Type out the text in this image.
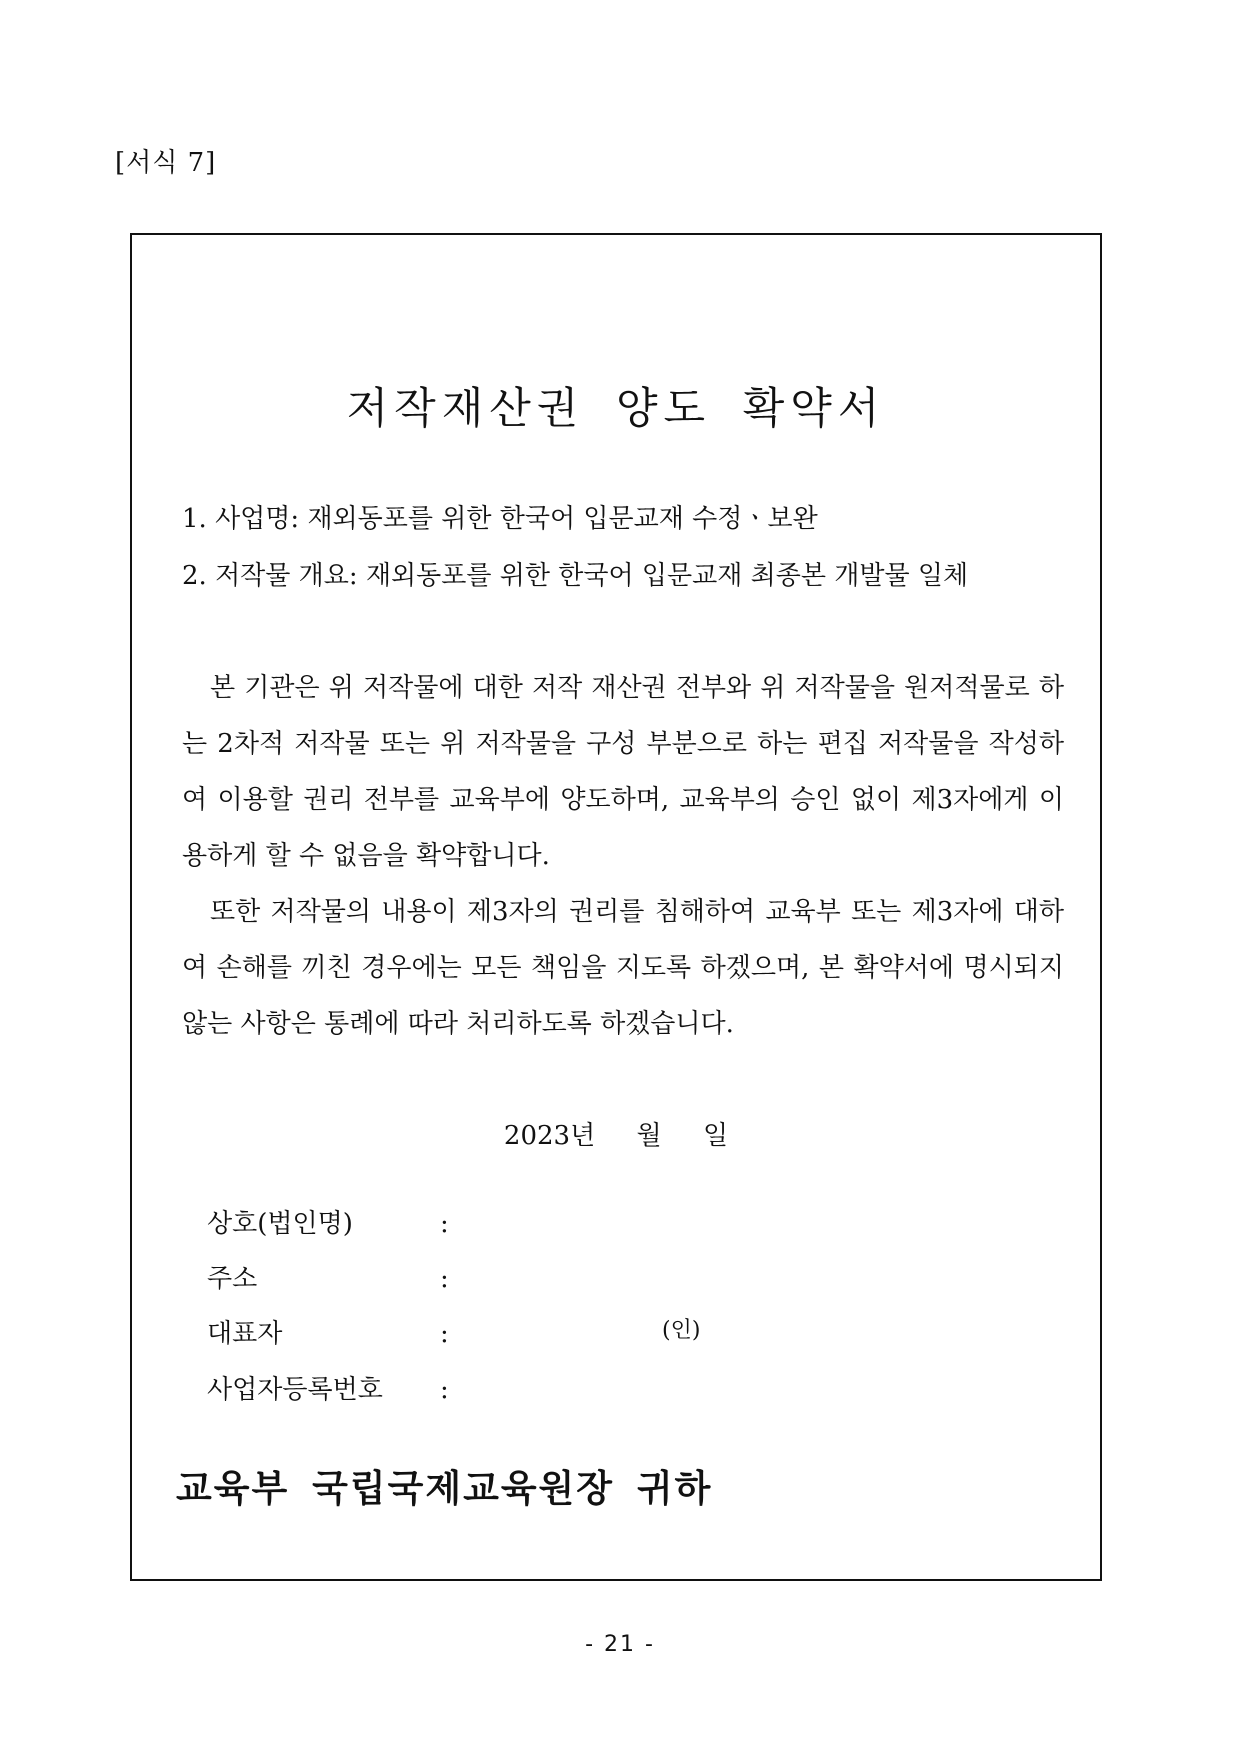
[서식 7]
저작재산권 양도 확약서
1. 사업명: 재외동포를 위한 한국어 입문교재 수정ㆍ보완
2. 저작물 개요: 재외동포를 위한 한국어 입문교재 최종본 개발물 일체

본 기관은 위 저작물에 대한 저작 재산권 전부와 위 저작물을 원저적물로 하는 2차적 저작물 또는 위 저작물을 구성 부분으로 하는 편집 저작물을 작성하여 이용할 권리 전부를 교육부에 양도하며, 교육부의 승인 없이 제3자에게 이용하게 할 수 없음을 확약합니다.

또한 저작물의 내용이 제3자의 권리를 침해하여 교육부 또는 제3자에 대하여 손해를 끼친 경우에는 모든 책임을 지도록 하겠으며, 본 확약서에 명시되지 않는 사항은 통례에 따라 처리하도록 하겠습니다.

2023년     월     일
상호(법인명)	:
주소	:
대표자	:	(인)
사업자등록번호 :
교육부 국립국제교육원장 귀하
- 21 -
